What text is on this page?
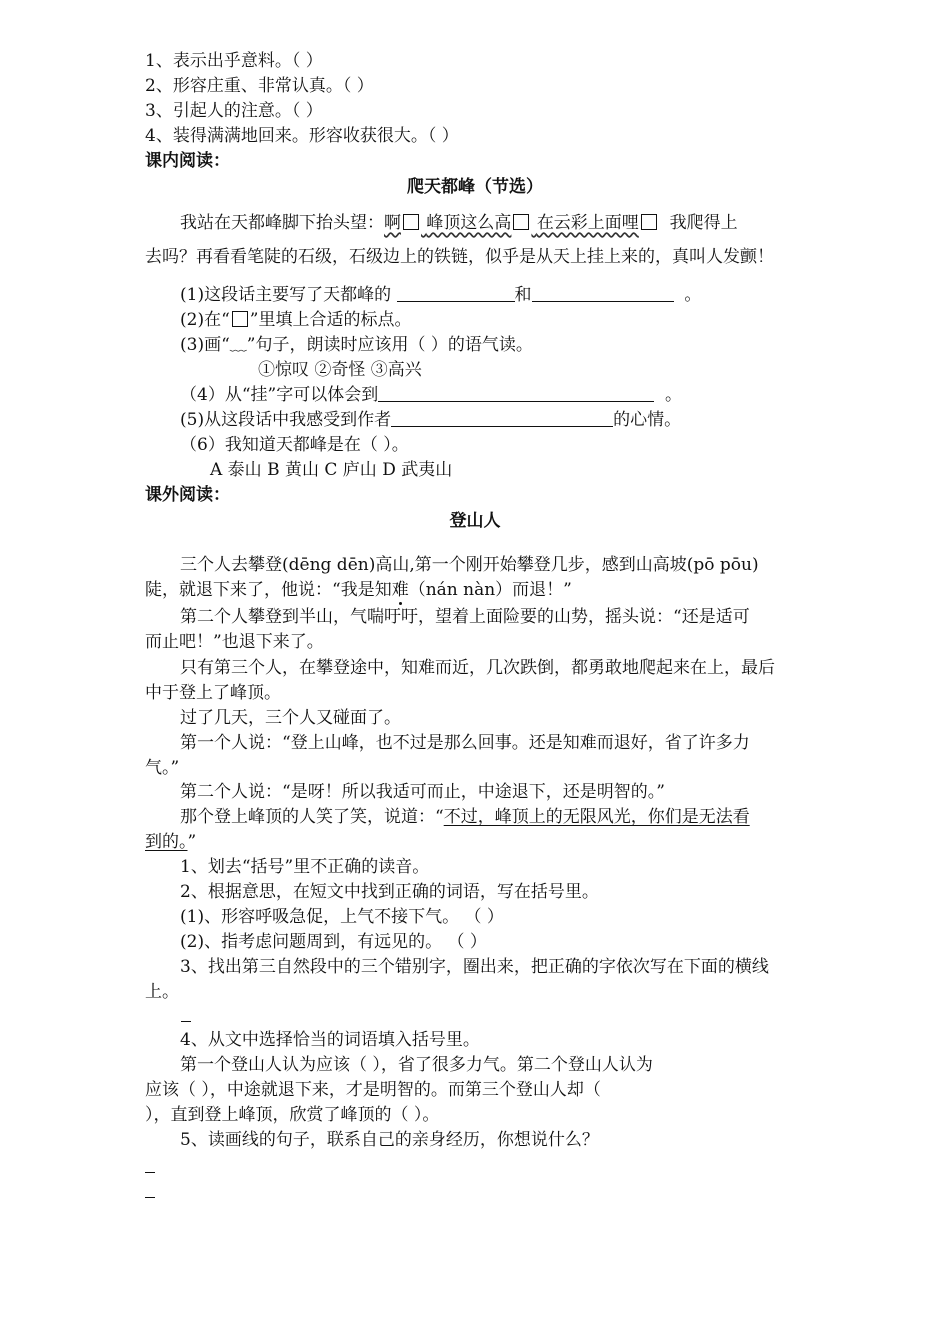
1、表示出乎意料。（ ）
2、形容庄重、非常认真。（ ）
3、引起人的注意。（ ）
4、装得满满地回来。形容收获很大。（ ）
课内阅读：
爬天都峰（节选）
我站在天都峰脚下抬头望：啊 峰顶这么高 在云彩上面哩 我爬得上
去吗？再看看笔陡的石级，石级边上的铁链，似乎是从天上挂上来的，真叫人发颤！
(1)这段话主要写了天都峰的	和	。
(2)在“ ”里填上合适的标点。
(3)画“﹏”句子，朗读时应该用（ ）的语气读。
①惊叹 ②奇怪 ③高兴
（4）从“挂”字可以体会到	。
(5)从这段话中我感受到作者	的心情。
（6）我知道天都峰是在（ ）。
A 泰山 B 黄山 C 庐山 D 武夷山
课外阅读：
登山人
三个人去攀登(dēng dēn)高山,第一个刚开始攀登几步，感到山高坡(pō pōu)
陡，就退下来了，他说：“我是知难（nán nàn）而退！”
第二个人攀登到半山，气喘吁吁，望着上面险要的山势，摇头说：“还是适可
而止吧！”也退下来了。
只有第三个人，在攀登途中，知难而近，几次跌倒，都勇敢地爬起来在上，最后
中于登上了峰顶。
过了几天，三个人又碰面了。
第一个人说：“登上山峰，也不过是那么回事。还是知难而退好，省了许多力
气。”
第二个人说：“是呀！所以我适可而止，中途退下，还是明智的。”
那个登上峰顶的人笑了笑，说道：“不过，峰顶上的无限风光，你们是无法看
到的。”
1、划去“括号”里不正确的读音。
2、根据意思，在短文中找到正确的词语，写在括号里。
(1)、形容呼吸急促，上气不接下气。 （ ）
(2)、指考虑问题周到，有远见的。 （ ）
3、找出第三自然段中的三个错别字，圈出来，把正确的字依次写在下面的横线
上。
4、从文中选择恰当的词语填入括号里。
第一个登山人认为应该（ ），省了很多力气。第二个登山人认为
应该（ ），中途就退下来，才是明智的。而第三个登山人却（
），直到登上峰顶，欣赏了峰顶的（ ）。
5、读画线的句子，联系自己的亲身经历，你想说什么？
